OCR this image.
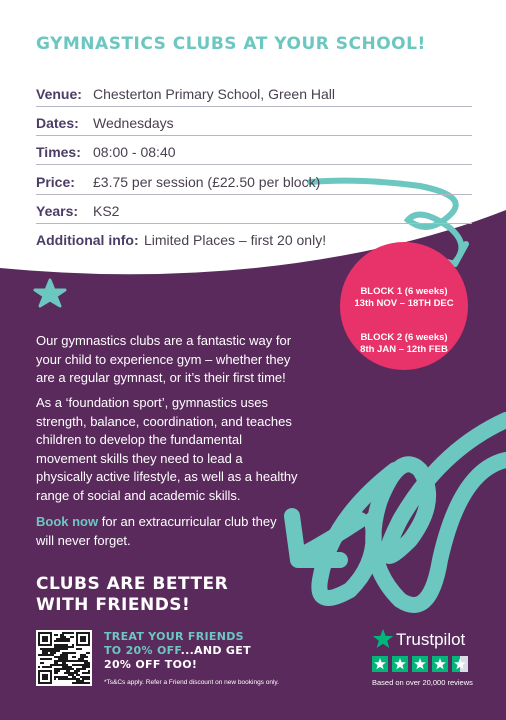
GYMNASTICS CLUBS AT YOUR SCHOOL!
Venue: Chesterton Primary School, Green Hall
Dates: Wednesdays
Times: 08:00 - 08:40
Price: £3.75 per session (£22.50 per block)
Years: KS2
Additional info: Limited Places – first 20 only!
BLOCK 1 (6 weeks)
13th NOV – 18TH DEC
BLOCK 2 (6 weeks)
8th JAN – 12th FEB
Our gymnastics clubs are a fantastic way for
your child to experience gym – whether they
are a regular gymnast, or it’s their first time!
As a ‘foundation sport’, gymnastics uses
strength, balance, coordination, and teaches
children to develop the fundamental
movement skills they need to lead a
physically active lifestyle, as well as a healthy
range of social and academic skills.
Book now for an extracurricular club they
will never forget.
CLUBS ARE BETTER
WITH FRIENDS!
TREAT YOUR FRIENDS
TO 20% OFF...AND GET
20% OFF TOO!
*Ts&Cs apply. Refer a Friend discount on new bookings only.
Trustpilot
Based on over 20,000 reviews
